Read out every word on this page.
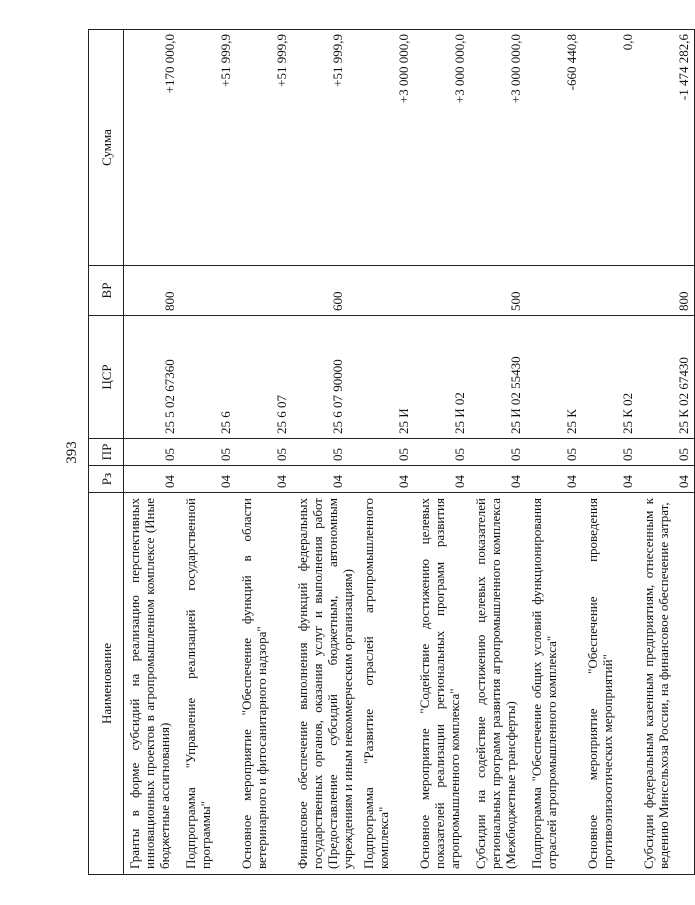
393
Наименование	Рз	ПР	ЦСР	ВР	Сумма
Гранты в форме субсидий на реализацию перспективных инновационных проектов в агропромышленном комплексе (Иные бюджетные ассигнования)	04	05	25 5 02 67360	800	+170 000,0
Подпрограмма "Управление реализацией государственной программы"	04	05	25 6		+51 999,9
Основное мероприятие "Обеспечение функций в области ветеринарного и фитосанитарного надзора"	04	05	25 6 07		+51 999,9
Финансовое обеспечение выполнения функций федеральных государственных органов, оказания услуг и выполнения работ (Предоставление субсидий бюджетным, автономным учреждениям и иным некоммерческим организациям)	04	05	25 6 07 90000	600	+51 999,9
Подпрограмма "Развитие отраслей агропромышленного комплекса"	04	05	25 И		+3 000 000,0
Основное мероприятие "Содействие достижению целевых показателей реализации региональных программ развития агропромышленного комплекса"	04	05	25 И 02		+3 000 000,0
Субсидии на содействие достижению целевых показателей региональных программ развития агропромышленного комплекса (Межбюджетные трансферты)	04	05	25 И 02 55430	500	+3 000 000,0
Подпрограмма "Обеспечение общих условий функционирования отраслей агропромышленного комплекса"	04	05	25 К		-660 440,8
Основное мероприятие "Обеспечение проведения противоэпизоотических мероприятий"	04	05	25 К 02		0,0
Субсидии федеральным казенным предприятиям, отнесенным к ведению Минсельхоза России, на финансовое обеспечение затрат,	04	05	25 К 02 67430	800	-1 474 282,6
